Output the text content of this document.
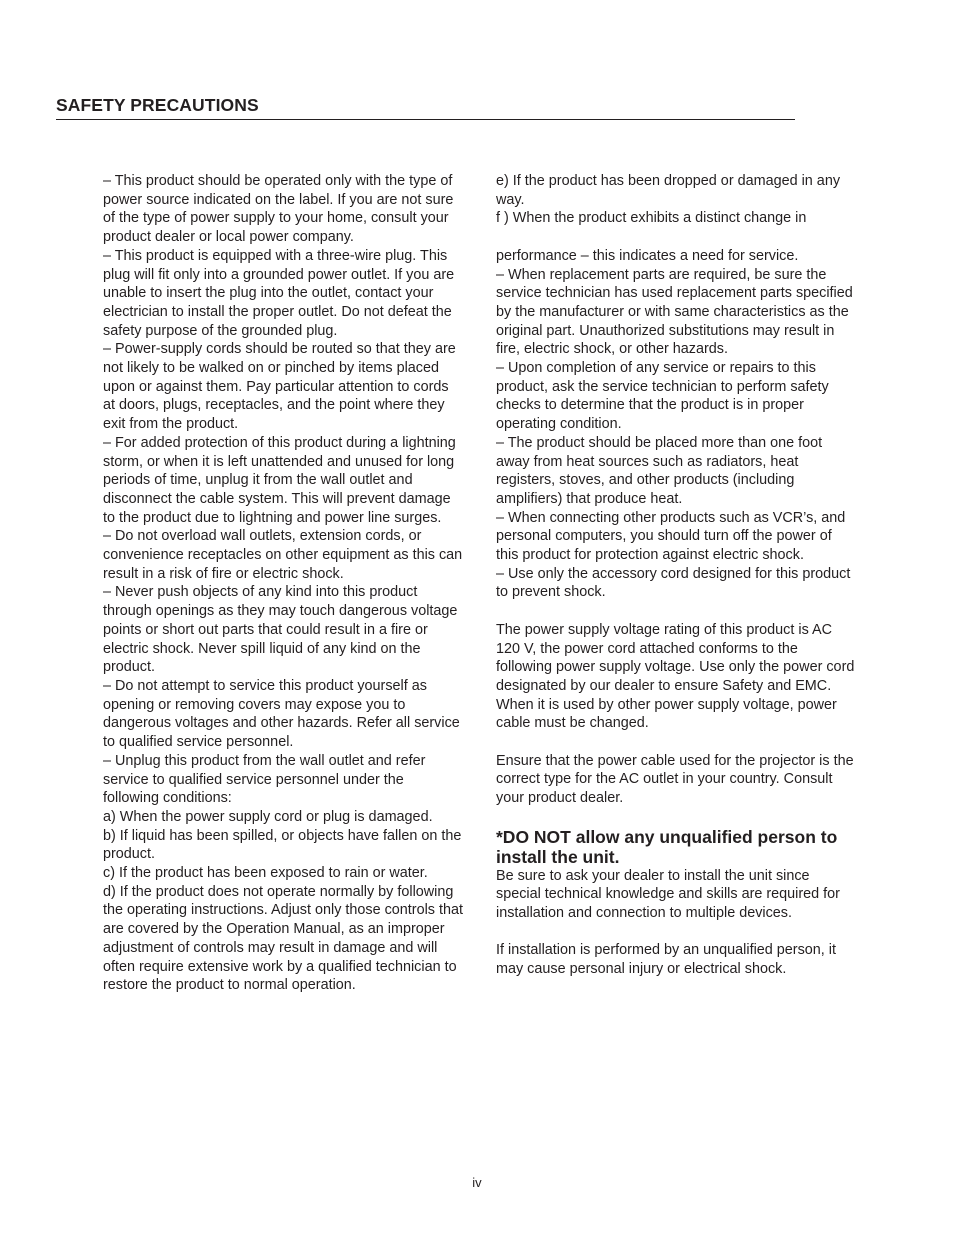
SAFETY PRECAUTIONS

– This product should be operated only with the type of power source indicated on the label. If you are not sure of the type of power supply to your home, consult your product dealer or local power company.

– This product is equipped with a three-wire plug. This plug will fit only into a grounded power outlet. If you are unable to insert the plug into the outlet, contact your electrician to install the proper outlet. Do not defeat the safety purpose of the grounded plug.

– Power-supply cords should be routed so that they are not likely to be walked on or pinched by items placed upon or against them. Pay particular attention to cords at doors, plugs, receptacles, and the point where they exit from the product.

– For added protection of this product during a lightning storm, or when it is left unattended and unused for long periods of time, unplug it from the wall outlet and disconnect the cable system. This will prevent damage to the product due to lightning and power line surges.

– Do not overload wall outlets, extension cords, or convenience receptacles on other equipment as this can result in a risk of fire or electric shock.

– Never push objects of any kind into this product through openings as they may touch dangerous voltage points or short out parts that could result in a fire or electric shock. Never spill liquid of any kind on the product.

– Do not attempt to service this product yourself as opening or removing covers may expose you to dangerous voltages and other hazards. Refer all service to qualified service personnel.

– Unplug this product from the wall outlet and refer service to qualified service personnel under the following conditions:

a) When the power supply cord or plug is damaged.

b) If liquid has been spilled, or objects have fallen on the product.

c) If the product has been exposed to rain or water.

d) If the product does not operate normally by following the operating instructions. Adjust only those controls that are covered by the Operation Manual, as an improper adjustment of controls may result in damage and will often require extensive work by a qualified technician to restore the product to normal operation.

e) If the product has been dropped or damaged in any way.

f ) When the product exhibits a distinct change in

performance – this indicates a need for service.

– When replacement parts are required, be sure the service technician has used replacement parts specified by the manufacturer or with same characteristics as the original part. Unauthorized substitutions may result in fire, electric shock, or other hazards.

– Upon completion of any service or repairs to this product, ask the service technician to perform safety checks to determine that the product is in proper operating condition.

– The product should be placed more than one foot away from heat sources such as radiators, heat registers, stoves, and other products (including amplifiers) that produce heat.

– When connecting other products such as VCR’s, and personal computers, you should turn off the power of this product for protection against electric shock.

– Use only the accessory cord designed for this product to prevent shock.

The power supply voltage rating of this product is AC 120 V, the power cord attached conforms to the following power supply voltage. Use only the power cord designated by our dealer to ensure Safety and EMC. When it is used by other power supply voltage, power cable must be changed.

Ensure that the power cable used for the projector is the correct type for the AC outlet in your country. Consult your product dealer.

*DO NOT allow any unqualified person to install the unit.

Be sure to ask your dealer to install the unit since special technical knowledge and skills are required for installation and connection to multiple devices.

If installation is performed by an unqualified person, it may cause personal injury or electrical shock.

iv
